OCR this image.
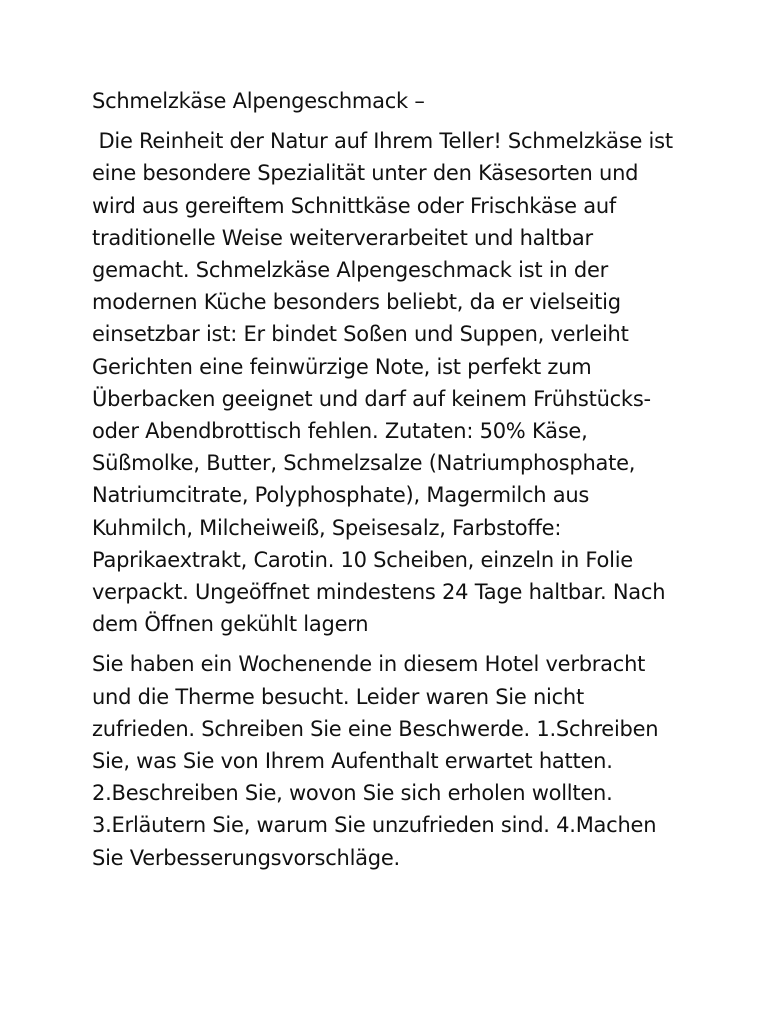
Schmelzkäse Alpengeschmack –

Die Reinheit der Natur auf Ihrem Teller! Schmelzkäse ist eine besondere Spezialität unter den Käsesorten und wird aus gereiftem Schnittkäse oder Frischkäse auf traditionelle Weise weiterverarbeitet und haltbar gemacht. Schmelzkäse Alpengeschmack ist in der modernen Küche besonders beliebt, da er vielseitig einsetzbar ist: Er bindet Soßen und Suppen, verleiht Gerichten eine feinwürzige Note, ist perfekt zum Überbacken geeignet und darf auf keinem Frühstücks- oder Abendbrottisch fehlen. Zutaten: 50% Käse, Süßmolke, Butter, Schmelzsalze (Natriumphosphate, Natriumcitrate, Polyphosphate), Magermilch aus Kuhmilch, Milcheiweiß, Speisesalz, Farbstoffe: Paprikaextrakt, Carotin. 10 Scheiben, einzeln in Folie verpackt. Ungeöffnet mindestens 24 Tage haltbar. Nach dem Öffnen gekühlt lagern

Sie haben ein Wochenende in diesem Hotel verbracht und die Therme besucht. Leider waren Sie nicht zufrieden. Schreiben Sie eine Beschwerde. 1.Schreiben Sie, was Sie von Ihrem Aufenthalt erwartet hatten. 2.Beschreiben Sie, wovon Sie sich erholen wollten. 3.Erläutern Sie, warum Sie unzufrieden sind. 4.Machen Sie Verbesserungsvorschläge.
